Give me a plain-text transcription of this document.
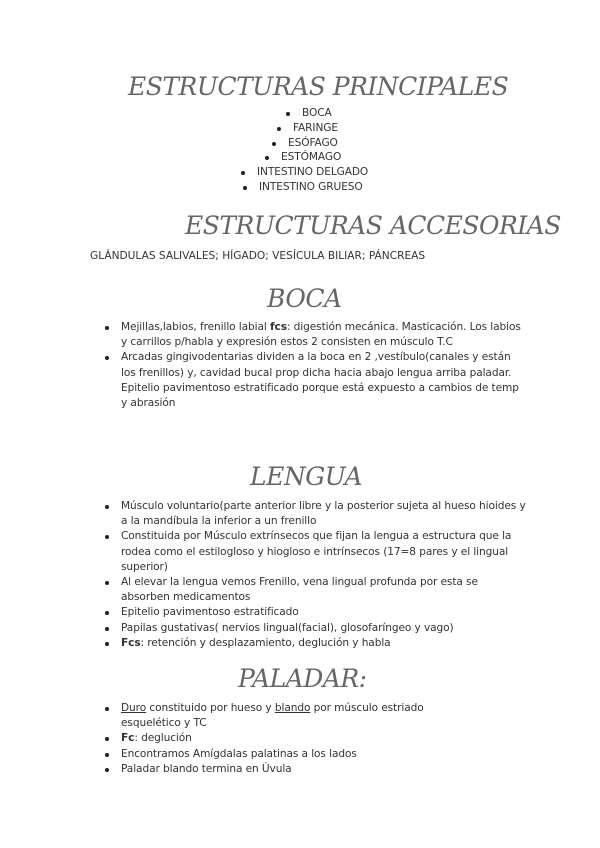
ESTRUCTURAS PRINCIPALES
BOCA
FARINGE
ESÓFAGO
ESTÓMAGO
INTESTINO DELGADO
INTESTINO GRUESO
ESTRUCTURAS ACCESORIAS
GLÁNDULAS SALIVALES; HÍGADO; VESÍCULA BILIAR; PÁNCREAS
BOCA
Mejillas,labios, frenillo labial fcs: digestión mecánica. Masticación. Los labios y carrillos p/habla y expresión estos 2 consisten en músculo T.C
Arcadas gingivodentarias dividen a la boca en 2 ,vestíbulo(canales y están los frenillos) y, cavidad bucal prop dicha hacia abajo lengua arriba paladar. Epitelio pavimentoso estratificado porque está expuesto a cambios de temp y abrasión
LENGUA
Músculo voluntario(parte anterior libre y la posterior sujeta al hueso hioides y a la mandíbula la inferior a un frenillo
Constituida por Músculo extrínsecos que fijan la lengua a estructura que la rodea como el estilogloso y hiogloso e intrínsecos (17=8 pares y el lingual superior)
Al elevar la lengua vemos Frenillo, vena lingual profunda por esta se absorben medicamentos
Epitelio pavimentoso estratificado
Papilas gustativas( nervios lingual(facial), glosofaríngeo y vago)
Fcs: retención y desplazamiento, deglución y habla
PALADAR:
Duro constituido por hueso y blando por músculo estriado esquelético y TC
Fc: deglución
Encontramos Amígdalas palatinas a los lados
Paladar blando termina en Úvula
